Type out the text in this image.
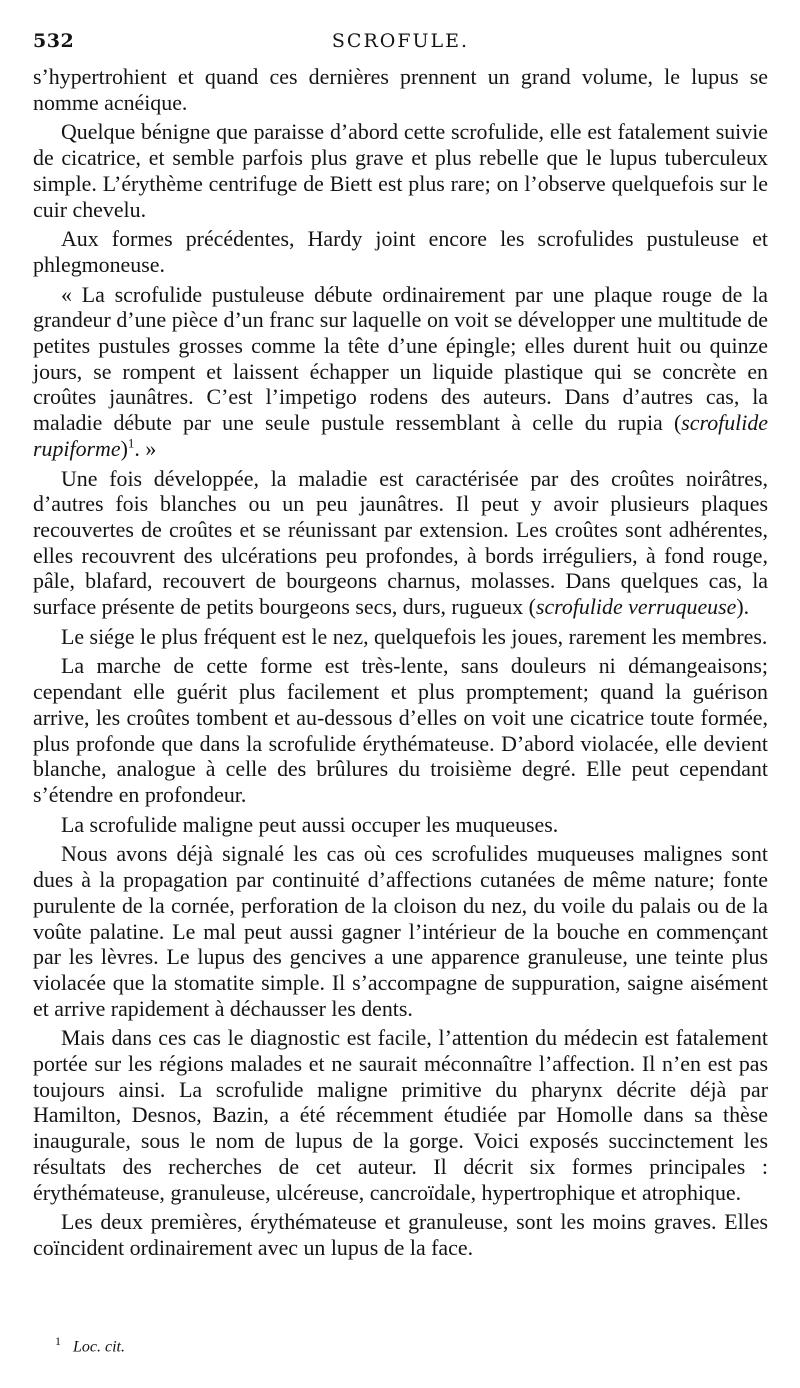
532	SCROFULE.

s’hypertrohient et quand ces dernières prennent un grand volume, le lupus se nomme acnéique.

Quelque bénigne que paraisse d’abord cette scrofulide, elle est fatalement suivie de cicatrice, et semble parfois plus grave et plus rebelle que le lupus tuberculeux simple. L’érythème centrifuge de Biett est plus rare; on l’observe quelquefois sur le cuir chevelu.

Aux formes précédentes, Hardy joint encore les scrofulides pustuleuse et phlegmoneuse.

« La scrofulide pustuleuse débute ordinairement par une plaque rouge de la grandeur d’une pièce d’un franc sur laquelle on voit se développer une multitude de petites pustules grosses comme la tête d’une épingle; elles durent huit ou quinze jours, se rompent et laissent échapper un liquide plastique qui se concrète en croûtes jaunâtres. C’est l’impetigo rodens des auteurs. Dans d’autres cas, la maladie débute par une seule pustule ressemblant à celle du rupia (scrofulide rupiforme)$^1$. »

Une fois développée, la maladie est caractérisée par des croûtes noirâtres, d’autres fois blanches ou un peu jaunâtres. Il peut y avoir plusieurs plaques recouvertes de croûtes et se réunissant par extension. Les croûtes sont adhérentes, elles recouvrent des ulcérations peu profondes, à bords irréguliers, à fond rouge, pâle, blafard, recouvert de bourgeons charnus, molasses. Dans quelques cas, la surface présente de petits bourgeons secs, durs, rugueux (scrofulide verruqueuse).

Le siége le plus fréquent est le nez, quelquefois les joues, rarement les membres.

La marche de cette forme est très-lente, sans douleurs ni démangeaisons; cependant elle guérit plus facilement et plus promptement; quand la guérison arrive, les croûtes tombent et au-dessous d’elles on voit une cicatrice toute formée, plus profonde que dans la scrofulide érythémateuse. D’abord violacée, elle devient blanche, analogue à celle des brûlures du troisième degré. Elle peut cependant s’étendre en profondeur.

La scrofulide maligne peut aussi occuper les muqueuses.

Nous avons déjà signalé les cas où ces scrofulides muqueuses malignes sont dues à la propagation par continuité d’affections cutanées de même nature; fonte purulente de la cornée, perforation de la cloison du nez, du voile du palais ou de la voûte palatine. Le mal peut aussi gagner l’intérieur de la bouche en commençant par les lèvres. Le lupus des gencives a une apparence granuleuse, une teinte plus violacée que la stomatite simple. Il s’accompagne de suppuration, saigne aisément et arrive rapidement à déchausser les dents.

Mais dans ces cas le diagnostic est facile, l’attention du médecin est fatalement portée sur les régions malades et ne saurait méconnaître l’affection. Il n’en est pas toujours ainsi. La scrofulide maligne primitive du pharynx décrite déjà par Hamilton, Desnos, Bazin, a été récemment étudiée par Homolle dans sa thèse inaugurale, sous le nom de lupus de la gorge. Voici exposés succinctement les résultats des recherches de cet auteur. Il décrit six formes principales : érythémateuse, granuleuse, ulcéreuse, cancroïdale, hypertrophique et atrophique.

Les deux premières, érythémateuse et granuleuse, sont les moins graves. Elles coïncident ordinairement avec un lupus de la face.

$^1$ Loc. cit.
